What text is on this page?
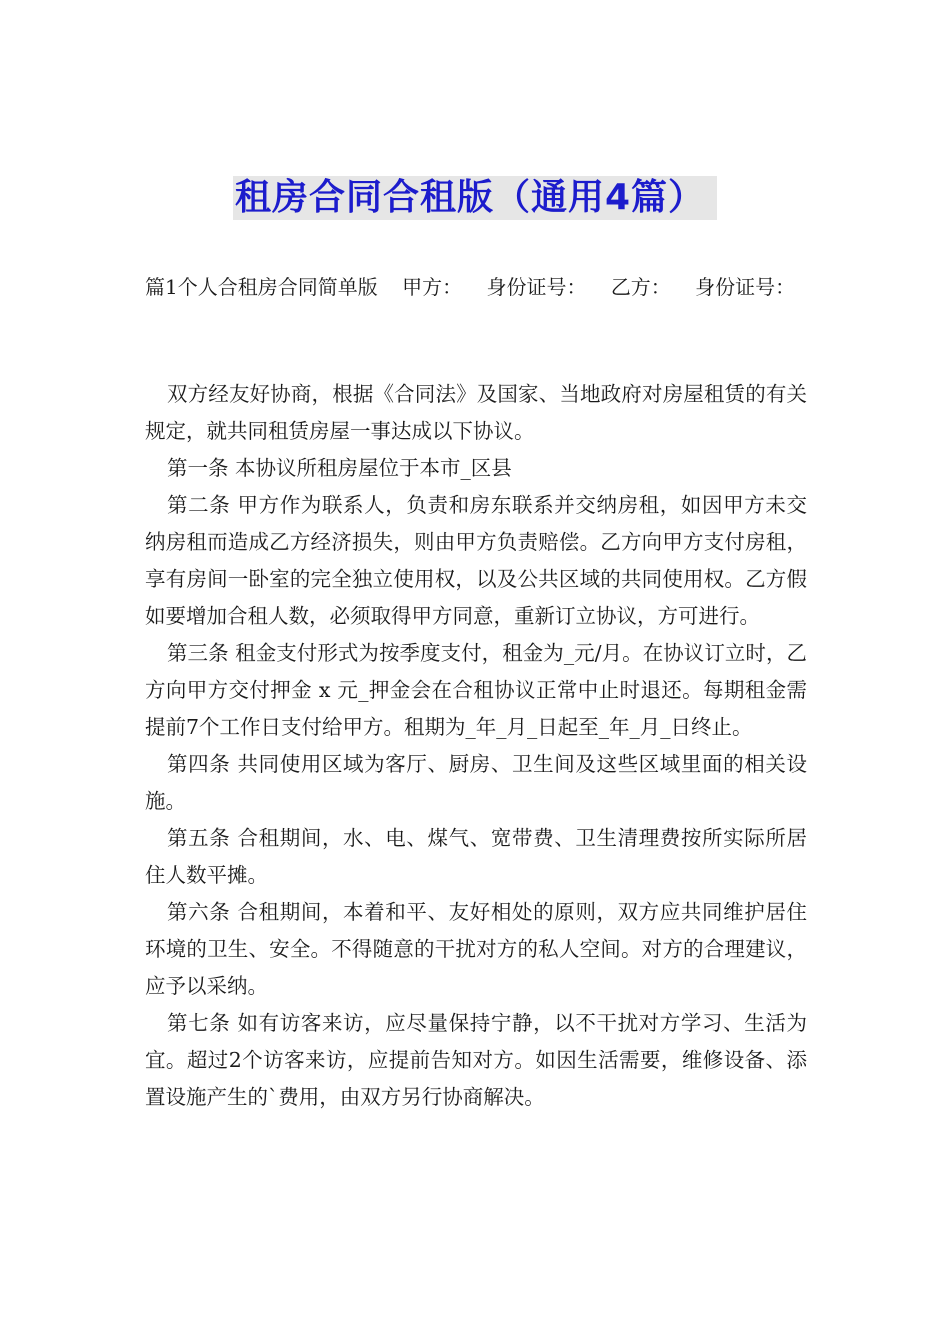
租房合同合租版（通用4篇）
篇1个人合租房合同简单版 甲方： 身份证号： 乙方： 身份证号：

双方经友好协商，根据《合同法》及国家、当地政府对房屋租赁的有关规定，就共同租赁房屋一事达成以下协议。

第一条 本协议所租房屋位于本市_区县

第二条 甲方作为联系人，负责和房东联系并交纳房租，如因甲方未交纳房租而造成乙方经济损失，则由甲方负责赔偿。乙方向甲方支付房租，享有房间一卧室的完全独立使用权，以及公共区域的共同使用权。乙方假如要增加合租人数，必须取得甲方同意，重新订立协议，方可进行。

第三条 租金支付形式为按季度支付，租金为_元/月。在协议订立时，乙方向甲方交付押金 x 元_押金会在合租协议正常中止时退还。每期租金需提前7个工作日支付给甲方。租期为_年_月_日起至_年_月_日终止。

第四条 共同使用区域为客厅、厨房、卫生间及这些区域里面的相关设施。

第五条 合租期间，水、电、煤气、宽带费、卫生清理费按所实际所居住人数平摊。

第六条 合租期间，本着和平、友好相处的原则，双方应共同维护居住环境的卫生、安全。不得随意的干扰对方的私人空间。对方的合理建议，应予以采纳。

第七条 如有访客来访，应尽量保持宁静，以不干扰对方学习、生活为宜。超过2个访客来访，应提前告知对方。如因生活需要，维修设备、添置设施产生的`费用，由双方另行协商解决。
